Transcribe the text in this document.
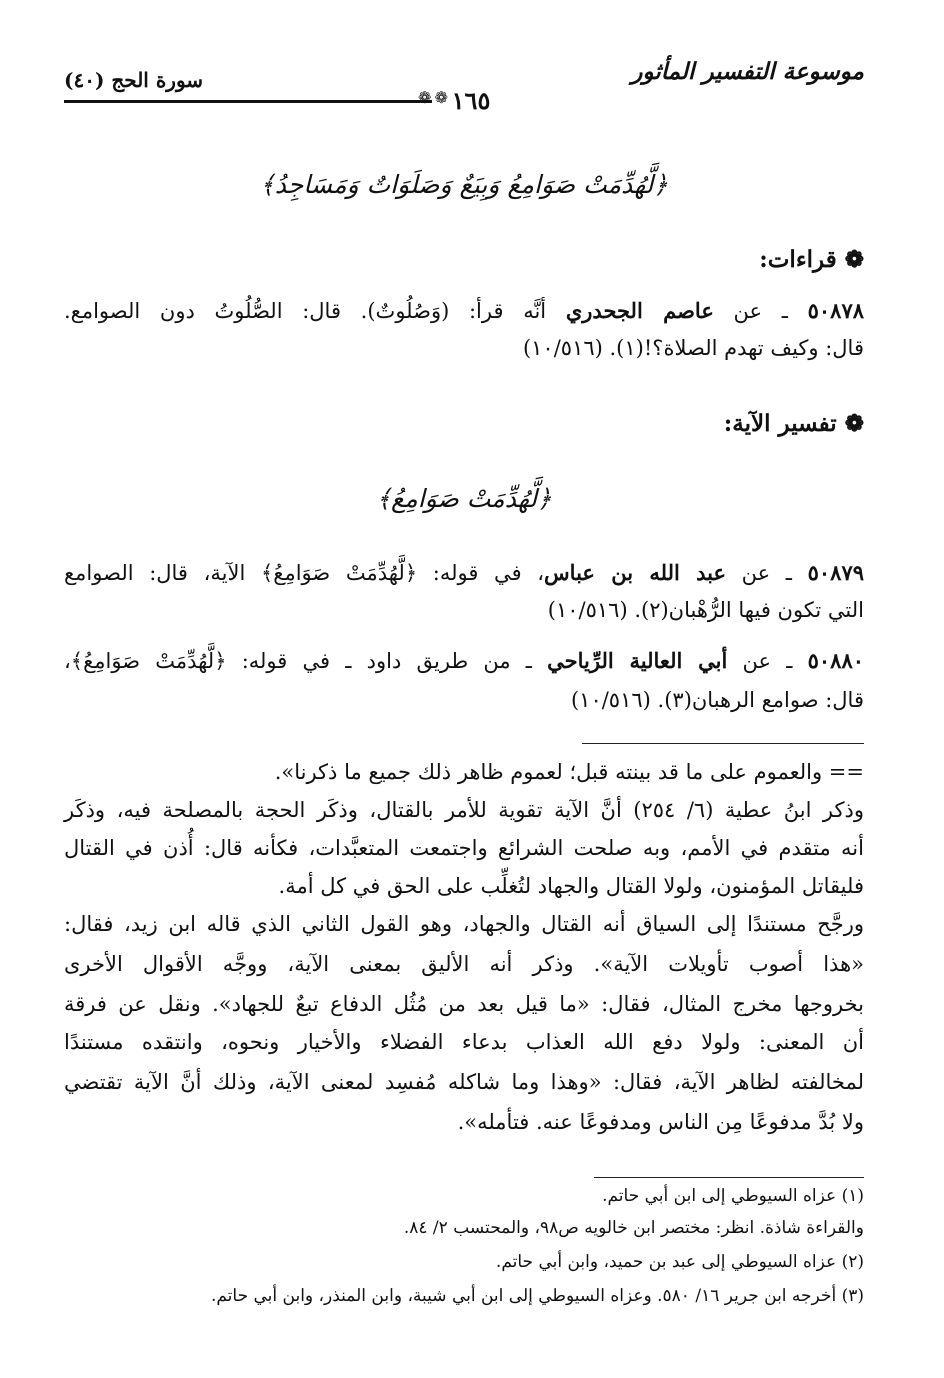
موسوعة التفسير المأثور
سورة الحج (٤٠)
❁
❁ ١٦٥
﴿لَّهُدِّمَتْ صَوَامِعُ وَبِيَعٌ وَصَلَوَاتٌ وَمَسَاجِدُ﴾
❁قراءات:
٥٠٨٧٨ ـ عن عاصم الجحدري أنَّه قرأ: (وَصُلُوتٌ). قال: الصُّلُوتُ دون الصوامع.
قال: وكيف تهدم الصلاة؟!(١). (١٠/٥١٦)
❁تفسير الآية:
﴿لَّهُدِّمَتْ صَوَامِعُ﴾
٥٠٨٧٩ ـ عن عبد الله بن عباس، في قوله: ﴿لَّهُدِّمَتْ صَوَامِعُ﴾ الآية، قال: الصوامع
التي تكون فيها الرُّهْبان(٢). (١٠/٥١٦)
٥٠٨٨٠ ـ عن أبي العالية الرِّياحي ـ من طريق داود ـ في قوله: ﴿لَّهُدِّمَتْ صَوَامِعُ﴾،
قال: صوامع الرهبان(٣). (١٠/٥١٦)
== والعموم على ما قد بينته قبل؛ لعموم ظاهر ذلك جميع ما ذكرنا».
وذكر ابنُ عطية (٦/ ٢٥٤) أنَّ الآية تقوية للأمر بالقتال، وذكَر الحجة بالمصلحة فيه، وذكَر
أنه متقدم في الأمم، وبه صلحت الشرائع واجتمعت المتعبَّدات، فكأنه قال: أُذن في القتال
فليقاتل المؤمنون، ولولا القتال والجهاد لتُغلِّب على الحق في كل أمة.
ورجَّح مستندًا إلى السياق أنه القتال والجهاد، وهو القول الثاني الذي قاله ابن زيد، فقال:
«هذا أصوب تأويلات الآية». وذكر أنه الأليق بمعنى الآية، ووجَّه الأقوال الأخرى
بخروجها مخرج المثال، فقال: «ما قيل بعد من مُثُل الدفاع تبعٌ للجهاد». ونقل عن فرقة
أن المعنى: ولولا دفع الله العذاب بدعاء الفضلاء والأخيار ونحوه، وانتقده مستندًا
لمخالفته لظاهر الآية، فقال: «وهذا وما شاكله مُفسِد لمعنى الآية، وذلك أنَّ الآية تقتضي
ولا بُدَّ مدفوعًا مِن الناس ومدفوعًا عنه. فتأمله».
(١) عزاه السيوطي إلى ابن أبي حاتم.
والقراءة شاذة. انظر: مختصر ابن خالويه ص٩٨، والمحتسب ٢/ ٨٤.
(٢) عزاه السيوطي إلى عبد بن حميد، وابن أبي حاتم.
(٣) أخرجه ابن جرير ١٦/ ٥٨٠. وعزاه السيوطي إلى ابن أبي شيبة، وابن المنذر، وابن أبي حاتم.
